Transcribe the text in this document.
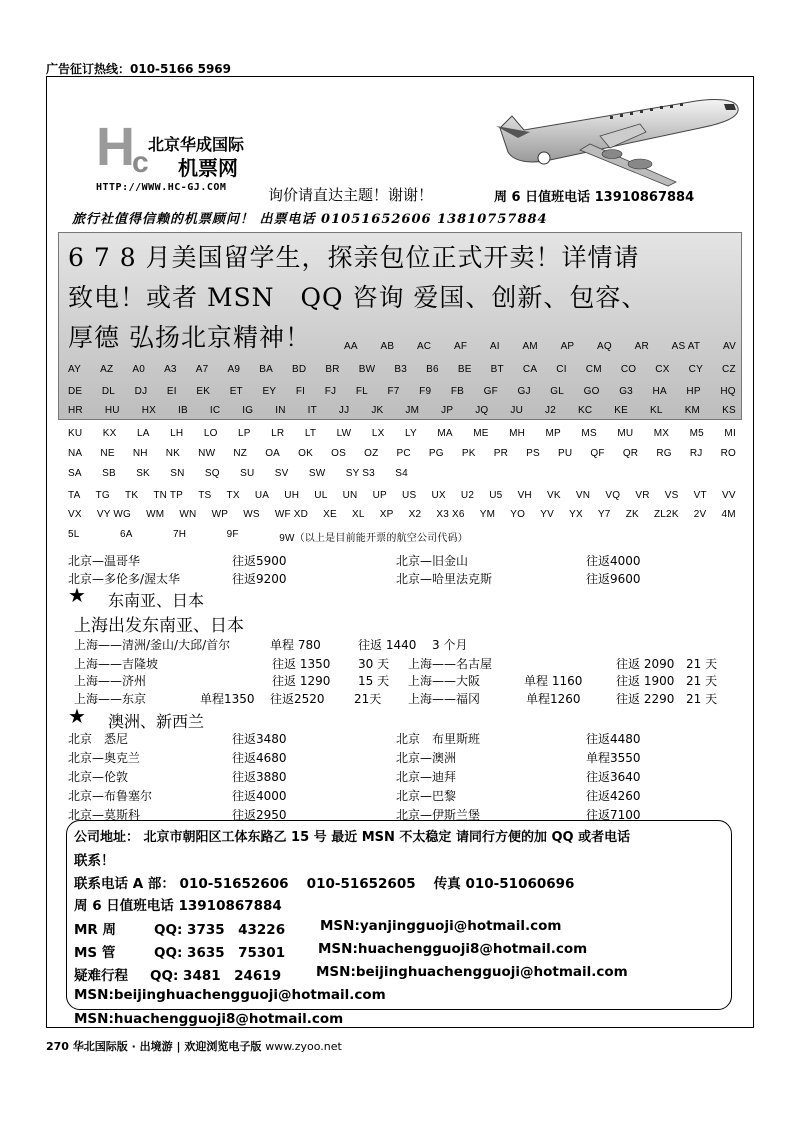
广告征订热线：010-5166 5969
H
c
北京华成国际
机票网
HTTP://WWW.HC-GJ.COM	询价请直达主题！谢谢！	周 6 日值班电话 13910867884
旅行社值得信赖的机票顾问！ 出票电话 01051652606 13810757884
6 7 8 月美国留学生，探亲包位正式开卖！详情请
致电！或者 MSN　QQ 咨询 爱国、创新、包容、
厚德 弘扬北京精神！	AA AB AC AF AI AM AP AQ AR AS AT AV
AY AZ A0 A3 A7 A9 BA BD BR BW B3 B6 BE BT CA CI CM CO CX CY CZ
DE DL DJ EI EK ET EY FI FJ FL F7 F9 FB GF GJ GL GO G3 HA HP HQ
HR HU HX IB IC IG IN IT JJ JK JM JP JQ JU J2 KC KE KL KM KS
KU KX LA LH LO LP LR LT LW LX LY MA ME MH MP MS MU MX M5 MI
NA NE NH NK NW NZ OA OK OS OZ PC PG PK PR PS PU QF QR RG RJ RO
SA SB SK SN SQ SU SV SW SY S3 S4
TA TG TK TN TP TS TX UA UH UL UN UP US UX U2 U5 VH VK VN VQ VR VS VT VV
VX VY WG WM WN WP WS WF XD XE XL XP X2 X3 X6 YM YO YV YX Y7 ZK ZL2K 2V 4M
5L	6A	7H	9F	9W（以上是目前能开票的航空公司代码）
北京—温哥华	往返5900	北京—旧金山	往返4000
北京—多伦多/渥太华	往返9200	北京—哈里法克斯	往返9600
★ 东南亚、日本
上海出发东南亚、日本
上海——清洲/釜山/大邱/首尔	单程 780	往返 1440 3 个月
上海——吉隆坡	往返 1350 30 天 上海——名古屋	往返 2090 21 天
上海——济州	往返 1290 15 天 上海——大阪	单程 1160	往返 1900 21 天
上海——东京	单程1350 往返2520 21天 上海——福冈	单程1260	往返 2290 21 天
★ 澳洲、新西兰
北京　悉尼	往返3480	北京　布里斯班	往返4480
北京—奥克兰	往返4680	北京—澳洲	单程3550
北京—伦敦	往返3880	北京—迪拜	往返3640
北京—布鲁塞尔	往返4000	北京—巴黎	往返4260
北京—莫斯科	往返2950	北京—伊斯兰堡	往返7100
公司地址： 北京市朝阳区工体东路乙 15 号 最近 MSN 不太稳定 请同行方便的加 QQ 或者电话
联系！
联系电话 A 部： 010-51652606　 010-51652605　 传真 010-51060696
周 6 日值班电话 13910867884
MR 周	QQ: 3735　43226	MSN:yanjingguoji@hotmail.com
MS 管	QQ: 3635　75301 MSN:huachengguoji8@hotmail.com
疑难行程 QQ: 3481　24619	MSN:beijinghuachengguoji@hotmail.com
MSN:beijinghuachengguoji@hotmail.com
MSN:huachengguoji8@hotmail.com
270 华北国际版 · 出境游 | 欢迎浏览电子版 www.zyoo.net
